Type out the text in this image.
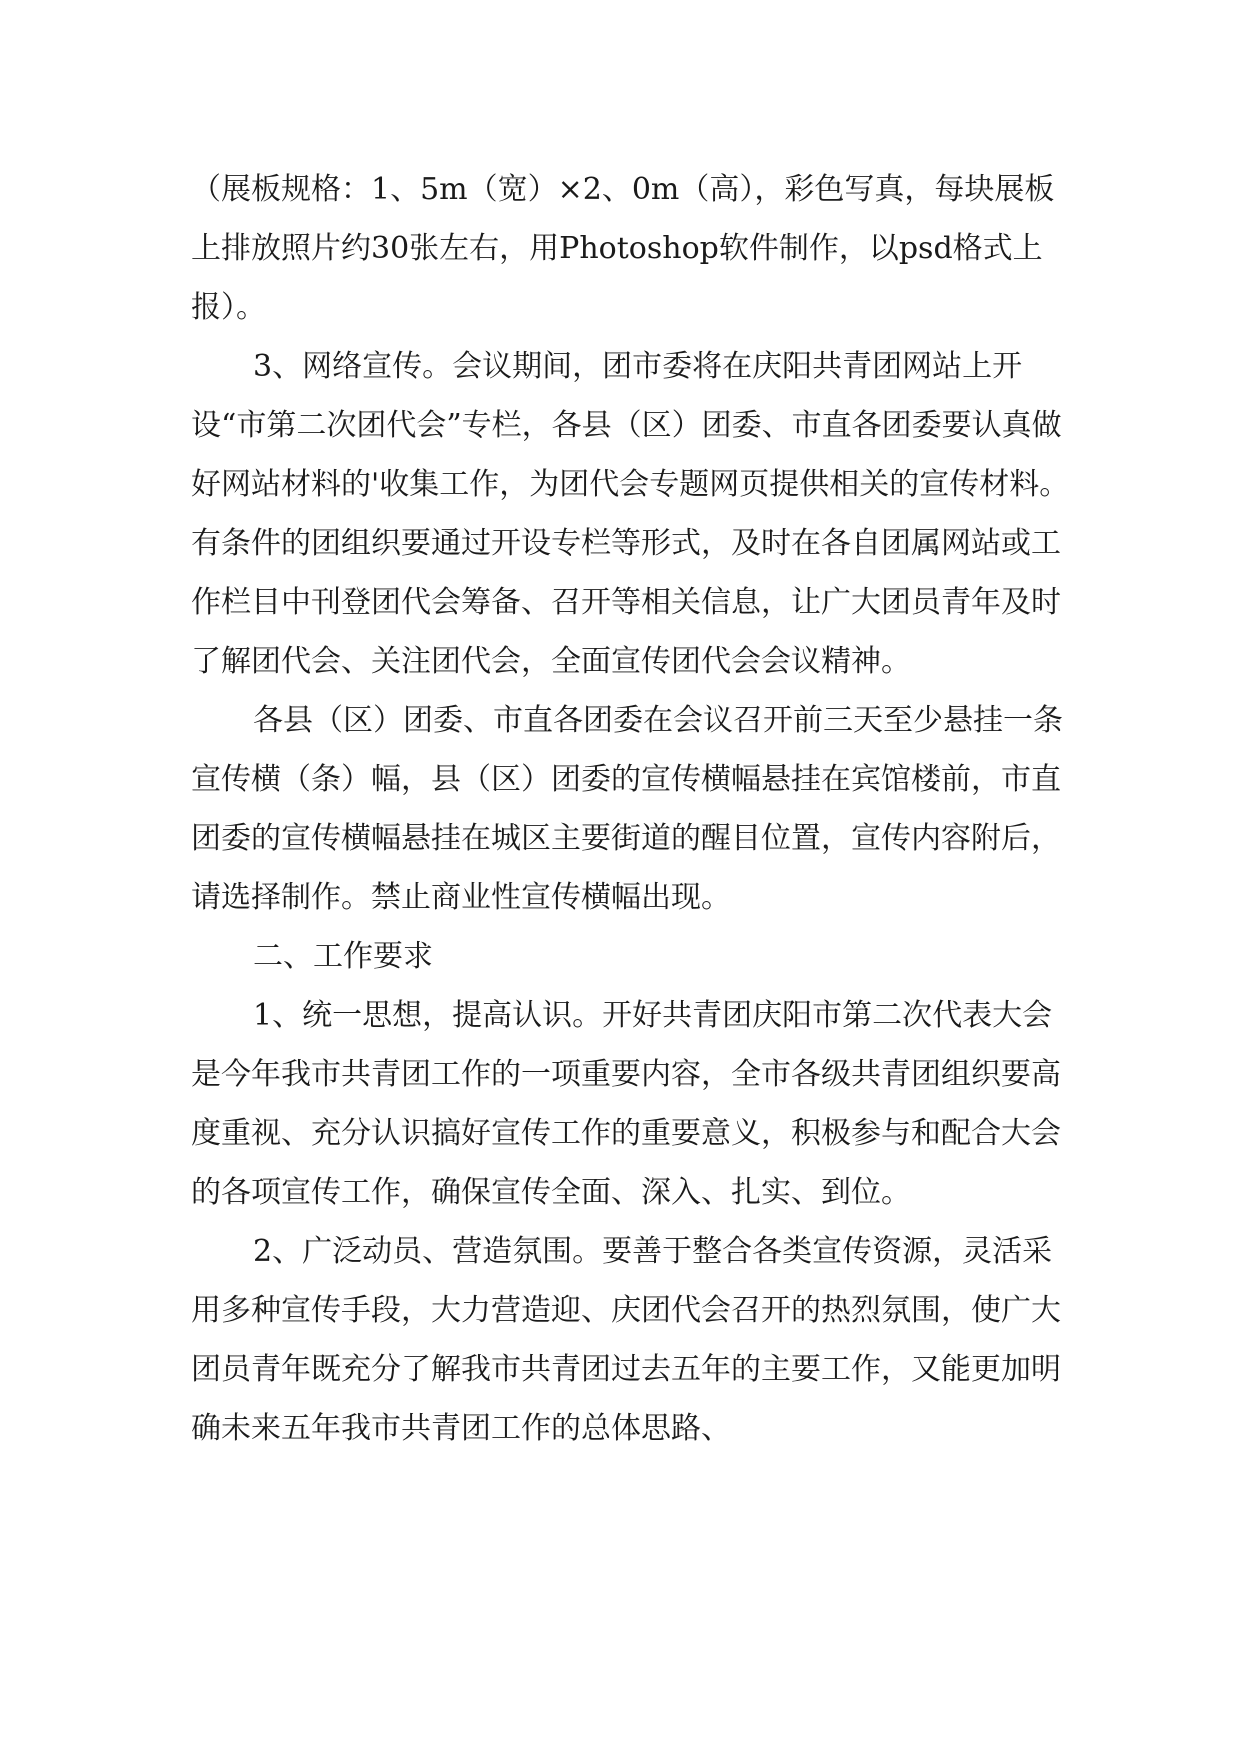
（展板规格：1、5m（宽）×2、0m（高），彩色写真，每块展板上排放照片约30张左右，用Photoshop软件制作，以psd格式上报）。

3、网络宣传。会议期间，团市委将在庆阳共青团网站上开设“市第二次团代会”专栏，各县（区）团委、市直各团委要认真做好网站材料的'收集工作，为团代会专题网页提供相关的宣传材料。有条件的团组织要通过开设专栏等形式，及时在各自团属网站或工作栏目中刊登团代会筹备、召开等相关信息，让广大团员青年及时了解团代会、关注团代会，全面宣传团代会会议精神。

各县（区）团委、市直各团委在会议召开前三天至少悬挂一条宣传横（条）幅，县（区）团委的宣传横幅悬挂在宾馆楼前，市直团委的宣传横幅悬挂在城区主要街道的醒目位置，宣传内容附后，请选择制作。禁止商业性宣传横幅出现。

二、工作要求

1、统一思想，提高认识。开好共青团庆阳市第二次代表大会是今年我市共青团工作的一项重要内容，全市各级共青团组织要高度重视、充分认识搞好宣传工作的重要意义，积极参与和配合大会的各项宣传工作，确保宣传全面、深入、扎实、到位。

2、广泛动员、营造氛围。要善于整合各类宣传资源，灵活采用多种宣传手段，大力营造迎、庆团代会召开的热烈氛围，使广大团员青年既充分了解我市共青团过去五年的主要工作，又能更加明确未来五年我市共青团工作的总体思路、
